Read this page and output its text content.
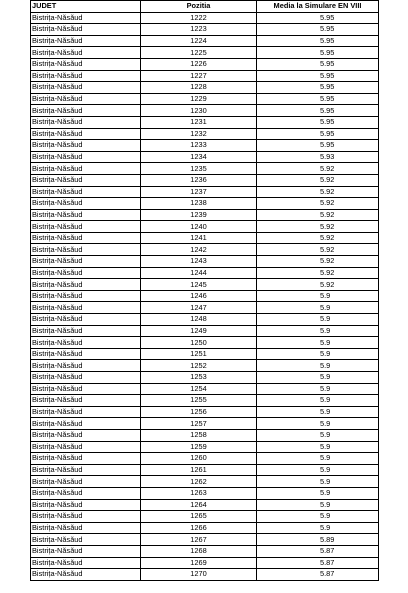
JUDET	Pozitia	Media la Simulare EN VIII
Bistrița-Năsăud	1222	5.95
Bistrița-Năsăud	1223	5.95
Bistrița-Năsăud	1224	5.95
Bistrița-Năsăud	1225	5.95
Bistrița-Năsăud	1226	5.95
Bistrița-Năsăud	1227	5.95
Bistrița-Năsăud	1228	5.95
Bistrița-Năsăud	1229	5.95
Bistrița-Năsăud	1230	5.95
Bistrița-Năsăud	1231	5.95
Bistrița-Năsăud	1232	5.95
Bistrița-Năsăud	1233	5.95
Bistrița-Năsăud	1234	5.93
Bistrița-Năsăud	1235	5.92
Bistrița-Năsăud	1236	5.92
Bistrița-Năsăud	1237	5.92
Bistrița-Năsăud	1238	5.92
Bistrița-Năsăud	1239	5.92
Bistrița-Năsăud	1240	5.92
Bistrița-Năsăud	1241	5.92
Bistrița-Năsăud	1242	5.92
Bistrița-Năsăud	1243	5.92
Bistrița-Năsăud	1244	5.92
Bistrița-Năsăud	1245	5.92
Bistrița-Năsăud	1246	5.9
Bistrița-Năsăud	1247	5.9
Bistrița-Năsăud	1248	5.9
Bistrița-Năsăud	1249	5.9
Bistrița-Năsăud	1250	5.9
Bistrița-Năsăud	1251	5.9
Bistrița-Năsăud	1252	5.9
Bistrița-Năsăud	1253	5.9
Bistrița-Năsăud	1254	5.9
Bistrița-Năsăud	1255	5.9
Bistrița-Năsăud	1256	5.9
Bistrița-Năsăud	1257	5.9
Bistrița-Năsăud	1258	5.9
Bistrița-Năsăud	1259	5.9
Bistrița-Năsăud	1260	5.9
Bistrița-Năsăud	1261	5.9
Bistrița-Năsăud	1262	5.9
Bistrița-Năsăud	1263	5.9
Bistrița-Năsăud	1264	5.9
Bistrița-Năsăud	1265	5.9
Bistrița-Năsăud	1266	5.9
Bistrița-Năsăud	1267	5.89
Bistrița-Năsăud	1268	5.87
Bistrița-Năsăud	1269	5.87
Bistrița-Năsăud	1270	5.87
